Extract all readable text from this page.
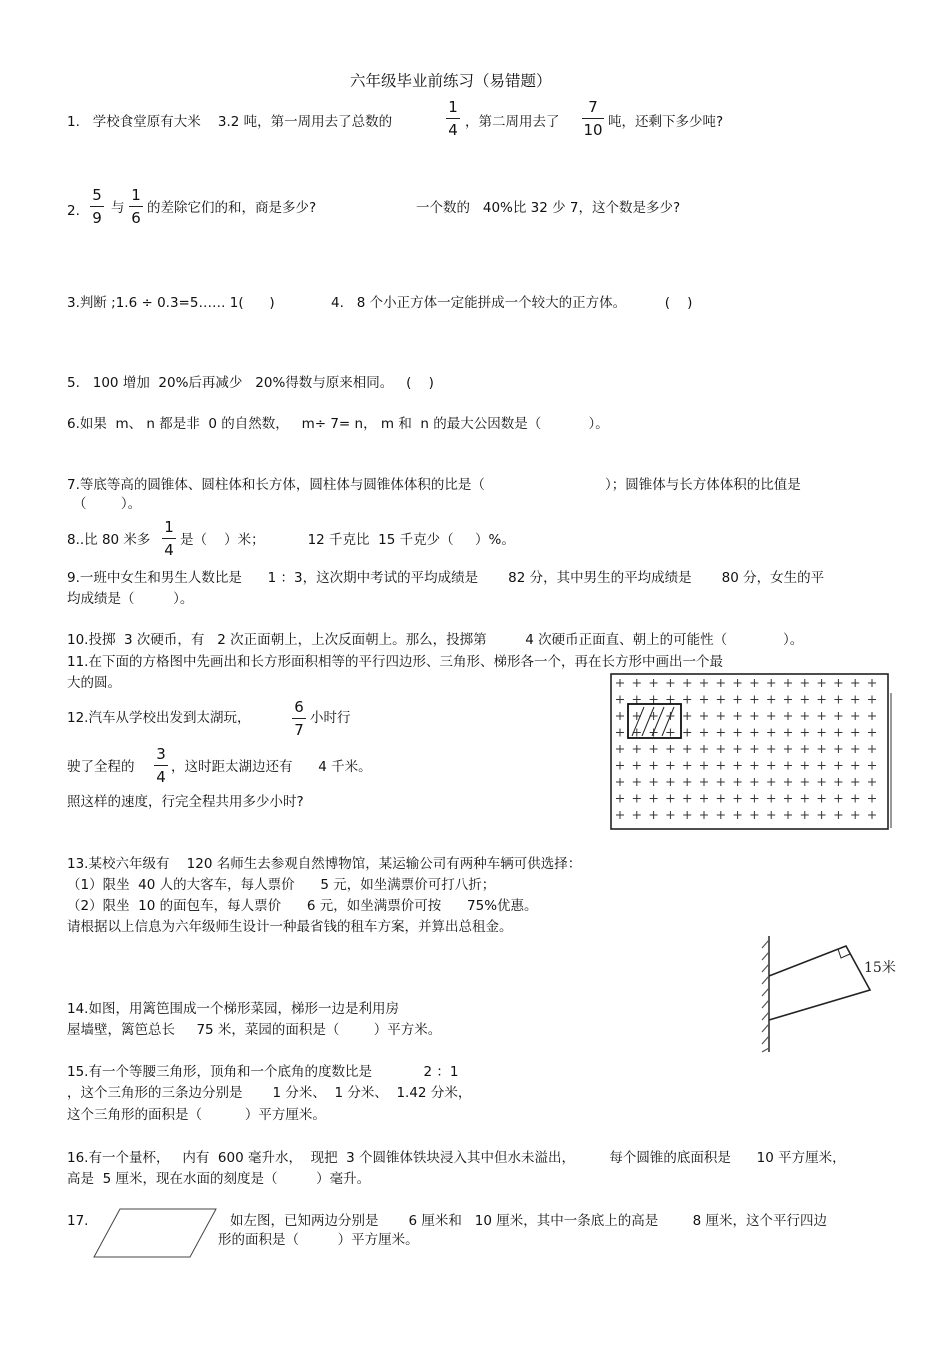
六年级毕业前练习（易错题）
1.   学校食堂原有大米    3.2 吨，第一周用去了总数的
1
4 ，第二周用去了
7
10 吨，还剩下多少吨?
2.
5
9
与
1
6
的差除它们的和，商是多少?	一个数的   40%比 32 少 7，这个数是多少?
3.判断 ;1.6 ÷ 0.3=5…… 1(      )	4.   8 个小正方体一定能拼成一个较大的正方体。         (    )
5.   100 增加  20%后再减少   20%得数与原来相同。   (    )
6.如果  m、 n 都是非  0 的自然数，   m÷ 7= n， m 和  n 的最大公因数是（           ）。
7.等底等高的圆锥体、圆柱体和长方体，圆柱体与圆锥体体积的比是（                            ）；圆锥体与长方体体积的比值是
（        ）。
8..比 80 米多
1
4
是（    ）米；          12 千克比  15 千克少（     ）%。
9.一班中女生和男生人数比是      1 ：3，这次期中考试的平均成绩是       82 分，其中男生的平均成绩是       80 分，女生的平
均成绩是（         ）。
10.投掷  3 次硬币，有   2 次正面朝上，上次反面朝上。那么，投掷第         4 次硬币正面直、朝上的可能性（             ）。
11.在下面的方格图中先画出和长方形面积相等的平行四边形、三角形、梯形各一个，再在长方形中画出一个最
大的圆。
12.汽车从学校出发到太湖玩，
6
7
小时行
驶了全程的
3
4
，这时距太湖边还有      4 千米。
照这样的速度，行完全程共用多少小时?
13.某校六年级有    120 名师生去参观自然博物馆，某运输公司有两种车辆可供选择：
（1）限坐  40 人的大客车，每人票价      5 元，如坐满票价可打八折；
（2）限坐  10 的面包车，每人票价      6 元，如坐满票价可按      75%优惠。
请根据以上信息为六年级师生设计一种最省钱的租车方案，并算出总租金。
15米
14.如图，用篱笆围成一个梯形菜园，梯形一边是利用房
屋墙壁，篱笆总长     75 米，菜园的面积是（        ）平方米。
15.有一个等腰三角形，顶角和一个底角的度数比是            2 ：1
，这个三角形的三条边分别是       1 分米、  1 分米、  1.42 分米，
这个三角形的面积是（          ）平方厘米。
16.有一个量杯，   内有  600 毫升水，  现把  3 个圆锥体铁块浸入其中但水未溢出，        每个圆锥的底面积是      10 平方厘米，
高是  5 厘米，现在水面的刻度是（         ）毫升。
17.	如左图，已知两边分别是       6 厘米和   10 厘米，其中一条底上的高是        8 厘米，这个平行四边
形的面积是（         ）平方厘米。
